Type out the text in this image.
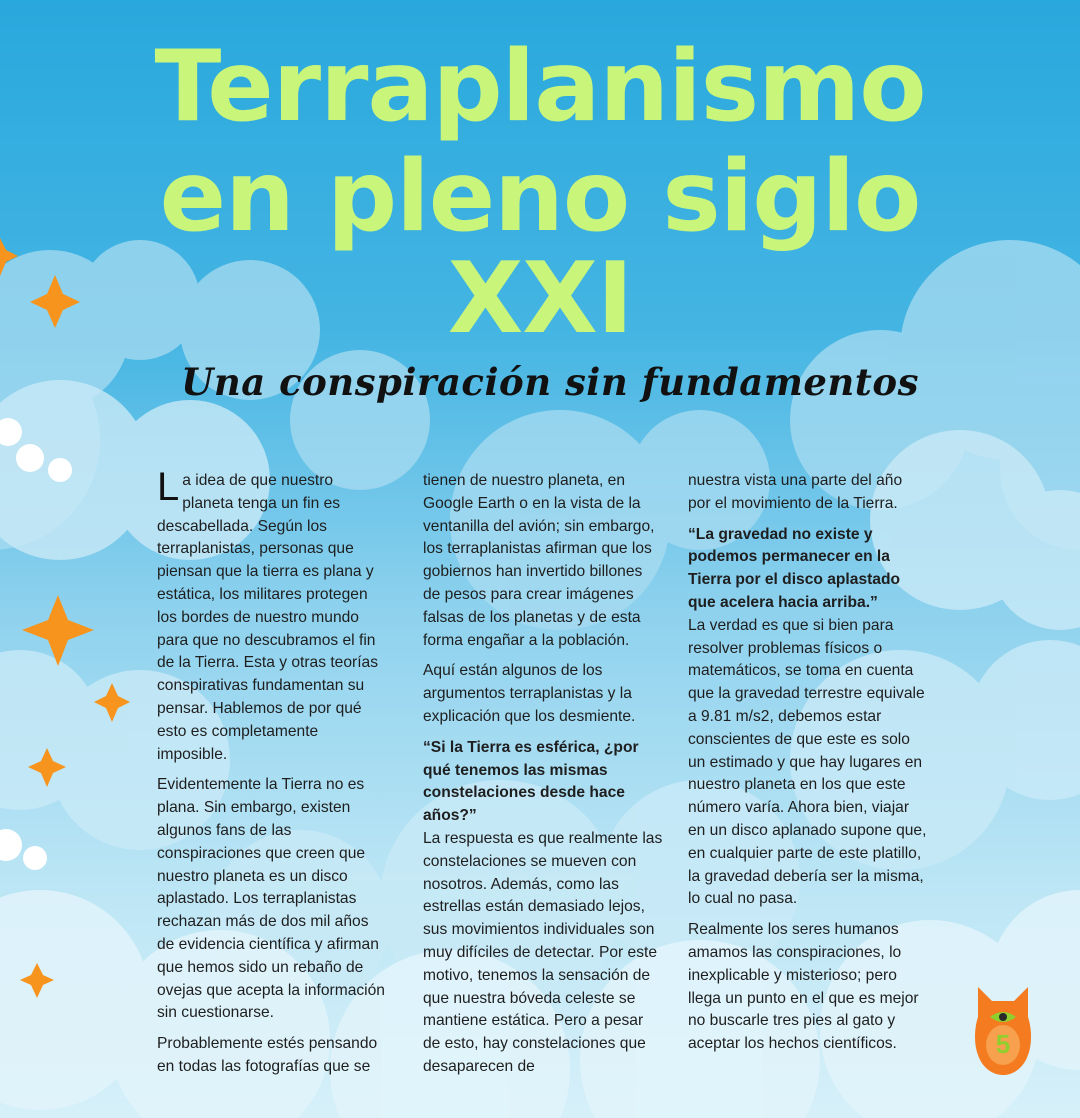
Terraplanismo
en pleno siglo
XXI
Una conspiración sin fundamentos

La idea de que nuestro planeta tenga un fin es descabellada. Según los terraplanistas, personas que piensan que la tierra es plana y estática, los militares protegen los bordes de nuestro mundo para que no descubramos el fin de la Tierra. Esta y otras teorías conspirativas fundamentan su pensar. Hablemos de por qué esto es completamente imposible.

Evidentemente la Tierra no es plana. Sin embargo, existen algunos fans de las conspiraciones que creen que nuestro planeta es un disco aplastado. Los terraplanistas rechazan más de dos mil años de evidencia científica y afirman que hemos sido un rebaño de ovejas que acepta la información sin cuestionarse.

Probablemente estés pensando en todas las fotografías que se

tienen de nuestro planeta, en Google Earth o en la vista de la ventanilla del avión; sin embargo, los terraplanistas afirman que los gobiernos han invertido billones de pesos para crear imágenes falsas de los planetas y de esta forma engañar a la población.

Aquí están algunos de los argumentos terraplanistas y la explicación que los desmiente.

“Si la Tierra es esférica, ¿por qué tenemos las mismas constelaciones desde hace años?”

La respuesta es que realmente las constelaciones se mueven con nosotros. Además, como las estrellas están demasiado lejos, sus movimientos individuales son muy difíciles de detectar. Por este motivo, tenemos la sensación de que nuestra bóveda celeste se mantiene estática. Pero a pesar de esto, hay constelaciones que desaparecen de

nuestra vista una parte del año por el movimiento de la Tierra.

“La gravedad no existe y podemos permanecer en la Tierra por el disco aplastado que acelera hacia arriba.”

La verdad es que si bien para resolver problemas físicos o matemáticos, se toma en cuenta que la gravedad terrestre equivale a 9.81 m/s2, debemos estar conscientes de que este es solo un estimado y que hay lugares en nuestro planeta en los que este número varía. Ahora bien, viajar en un disco aplanado supone que, en cualquier parte de este platillo, la gravedad debería ser la misma, lo cual no pasa.

Realmente los seres humanos amamos las conspiraciones, lo inexplicable y misterioso; pero llega un punto en el que es mejor no buscarle tres pies al gato y aceptar los hechos científicos.	5
